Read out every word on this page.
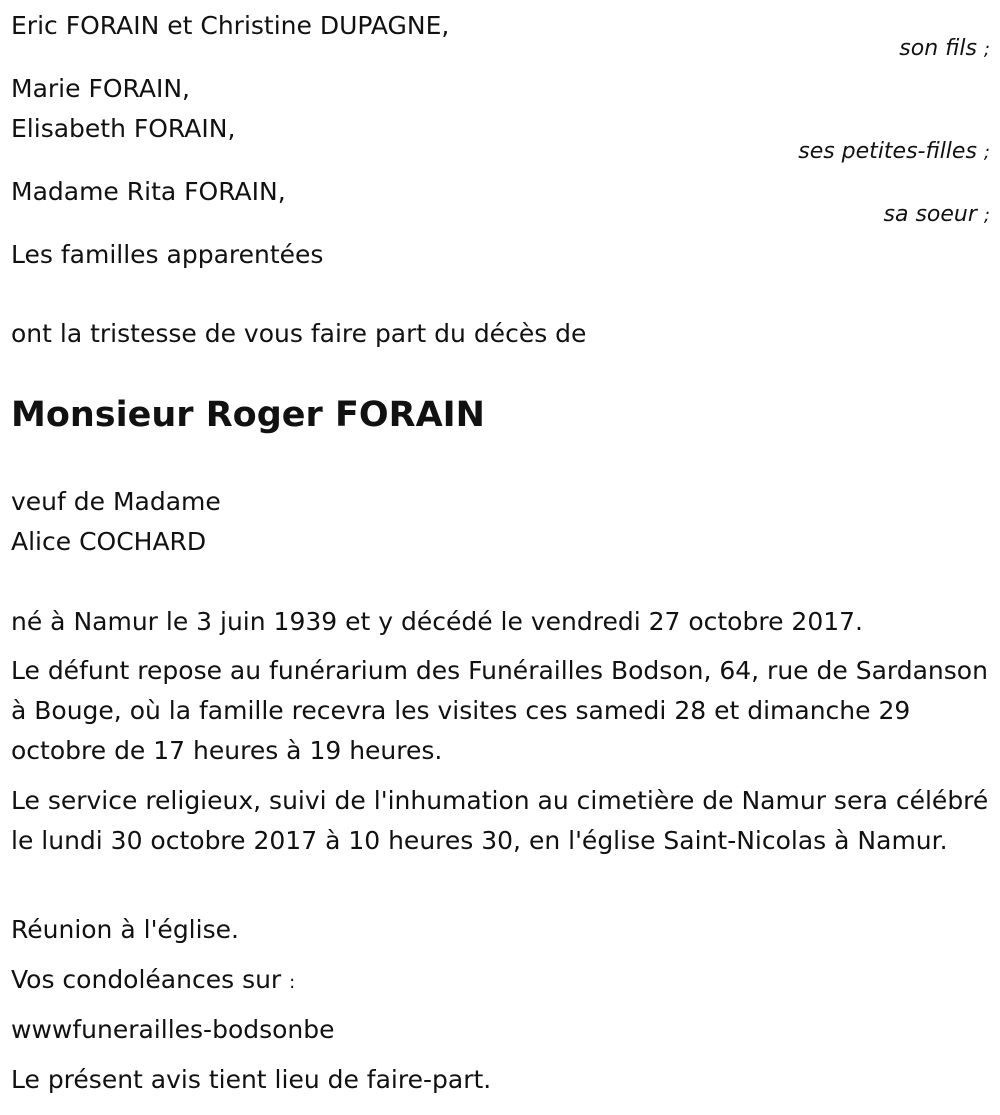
Eric FORAIN et Christine DUPAGNE,
son fils ;
Marie FORAIN,
Elisabeth FORAIN,
ses petites-filles ;
Madame Rita FORAIN,
sa soeur ;
Les familles apparentées
ont la tristesse de vous faire part du décès de
Monsieur Roger FORAIN
veuf de Madame
Alice COCHARD
né à Namur le 3 juin 1939 et y décédé le vendredi 27 octobre 2017.
Le défunt repose au funérarium des Funérailles Bodson, 64, rue de Sardanson à Bouge, où la famille recevra les visites ces samedi 28 et dimanche 29 octobre de 17 heures à 19 heures.
Le service religieux, suivi de l'inhumation au cimetière de Namur sera célébré le lundi 30 octobre 2017 à 10 heures 30, en l'église Saint-Nicolas à Namur.
Réunion à l'église.
Vos condoléances sur :
wwwfunerailles-bodsonbe
Le présent avis tient lieu de faire-part.
